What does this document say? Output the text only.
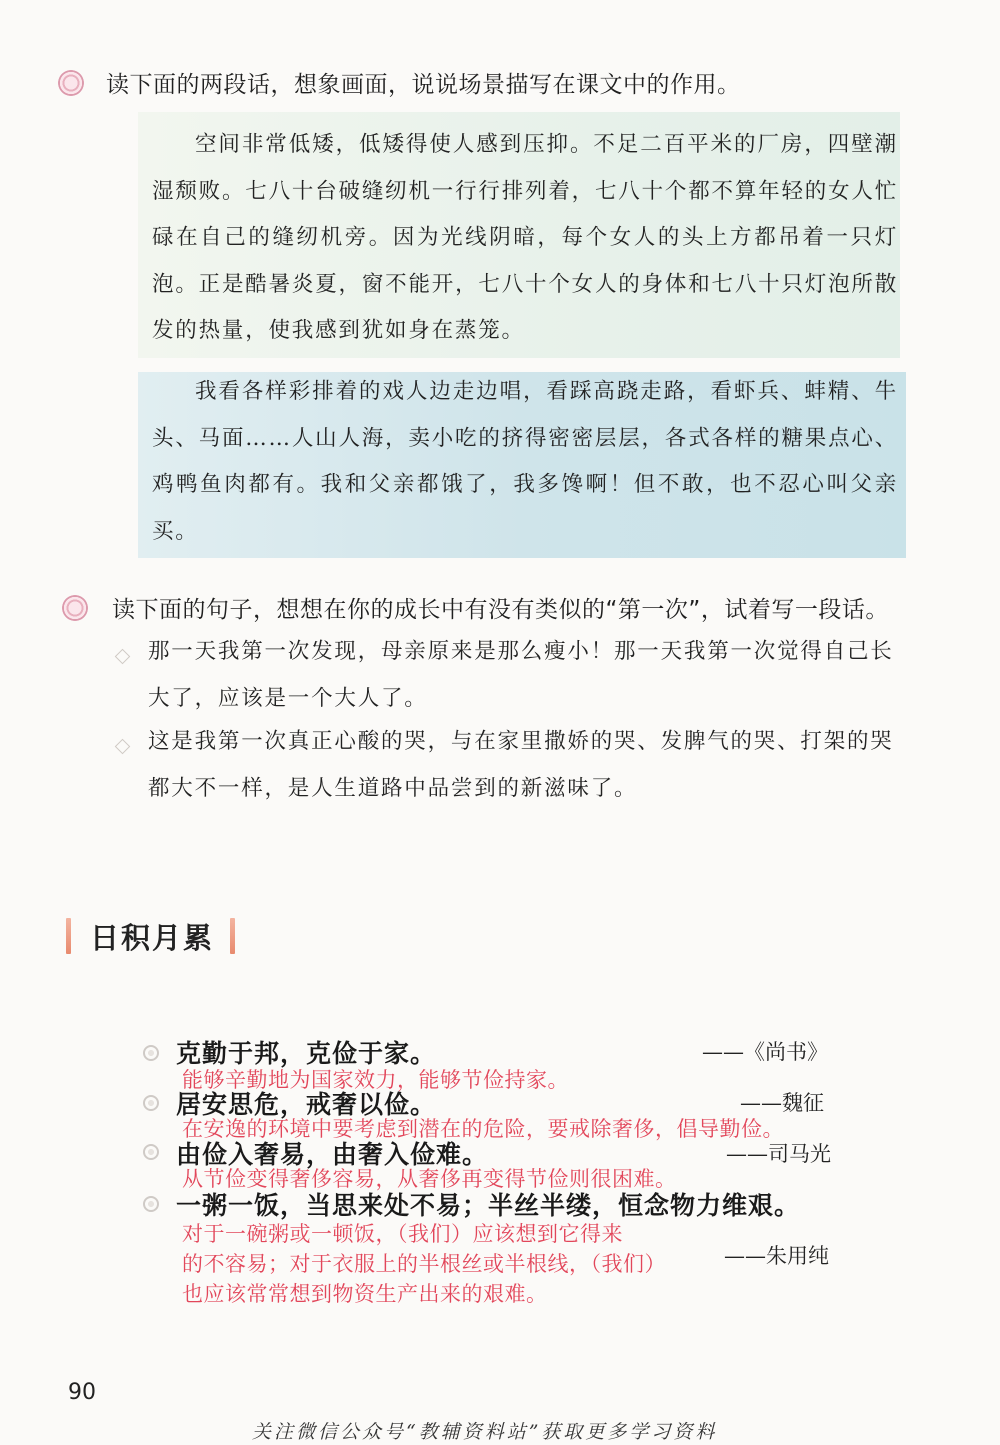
读下面的两段话，想象画面，说说场景描写在课文中的作用。

空间非常低矮，低矮得使人感到压抑。不足二百平米的厂房，四壁潮湿颓败。七八十台破缝纫机一行行排列着，七八十个都不算年轻的女人忙碌在自己的缝纫机旁。因为光线阴暗，每个女人的头上方都吊着一只灯泡。正是酷暑炎夏，窗不能开，七八十个女人的身体和七八十只灯泡所散发的热量，使我感到犹如身在蒸笼。

我看各样彩排着的戏人边走边唱，看踩高跷走路，看虾兵、蚌精、牛头、马面……人山人海，卖小吃的挤得密密层层，各式各样的糖果点心、鸡鸭鱼肉都有。我和父亲都饿了，我多馋啊！但不敢，也不忍心叫父亲买。

读下面的句子，想想在你的成长中有没有类似的“第一次”，试着写一段话。
那一天我第一次发现，母亲原来是那么瘦小！那一天我第一次觉得自己长大了，应该是一个大人了。
这是我第一次真正心酸的哭，与在家里撒娇的哭、发脾气的哭、打架的哭都大不一样，是人生道路中品尝到的新滋味了。
日积月累
克勤于邦，克俭于家。	——《尚书》
能够辛勤地为国家效力，能够节俭持家。
居安思危，戒奢以俭。	——魏征
在安逸的环境中要考虑到潜在的危险，要戒除奢侈，倡导勤俭。
由俭入奢易，由奢入俭难。	——司马光
从节俭变得奢侈容易，从奢侈再变得节俭则很困难。
一粥一饭，当思来处不易；半丝半缕，恒念物力维艰。
对于一碗粥或一顿饭，（我们）应该想到它得来
的不容易；对于衣服上的半根丝或半根线，（我们）	——朱用纯
也应该常常想到物资生产出来的艰难。
90
关注微信公众号“教辅资料站”获取更多学习资料
